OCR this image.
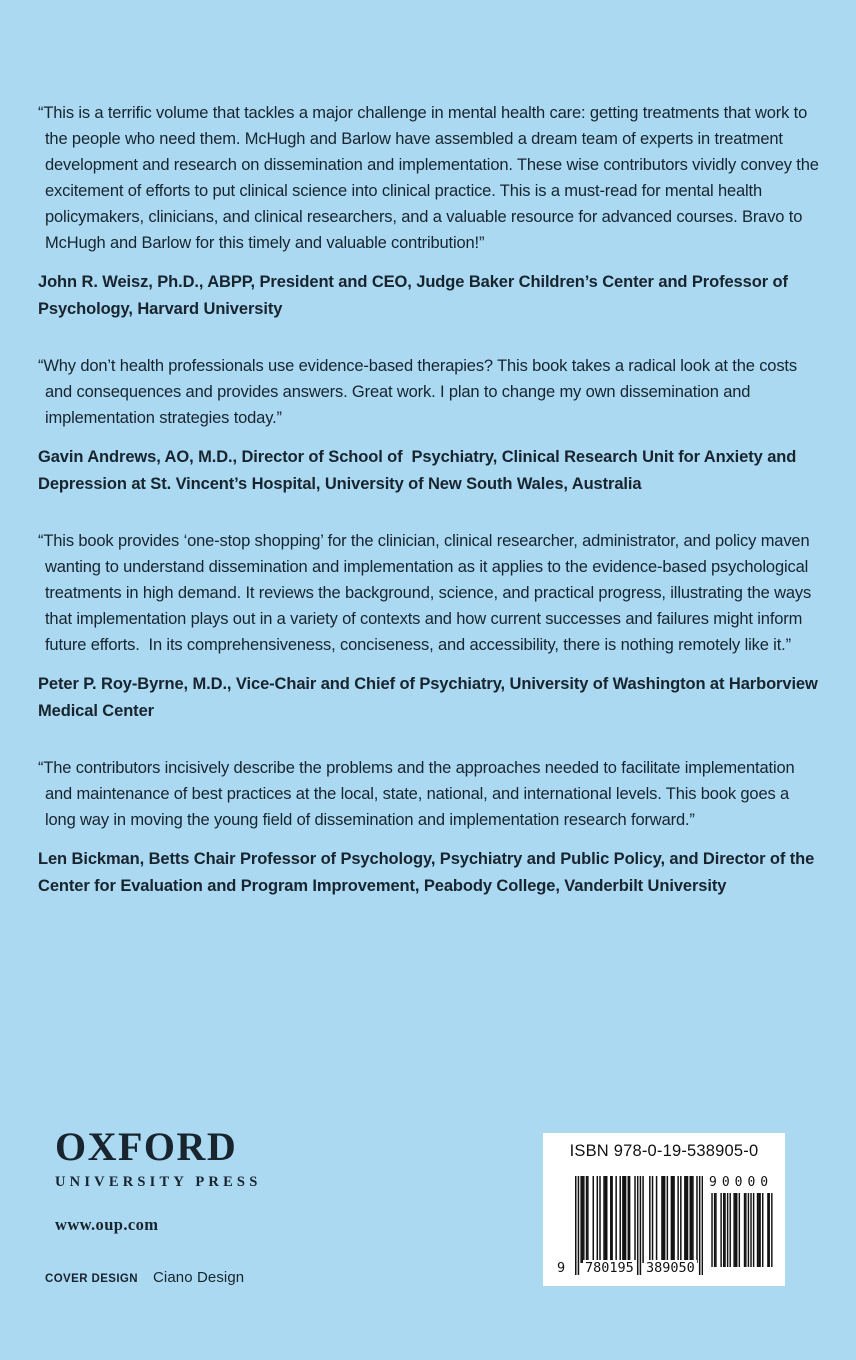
“This is a terrific volume that tackles a major challenge in mental health care: getting treatments that work to the people who need them. McHugh and Barlow have assembled a dream team of experts in treatment development and research on dissemination and implementation. These wise contributors vividly convey the excitement of efforts to put clinical science into clinical practice. This is a must-read for mental health policymakers, clinicians, and clinical researchers, and a valuable resource for advanced courses. Bravo to McHugh and Barlow for this timely and valuable contribution!”

John R. Weisz, Ph.D., ABPP, President and CEO, Judge Baker Children’s Center and Professor of Psychology, Harvard University

“Why don’t health professionals use evidence-based therapies? This book takes a radical look at the costs and consequences and provides answers. Great work. I plan to change my own dissemination and implementation strategies today.”

Gavin Andrews, AO, M.D., Director of School of  Psychiatry, Clinical Research Unit for Anxiety and Depression at St. Vincent’s Hospital, University of New South Wales, Australia

“This book provides ‘one-stop shopping’ for the clinician, clinical researcher, administrator, and policy maven wanting to understand dissemination and implementation as it applies to the evidence-based psychological treatments in high demand. It reviews the background, science, and practical progress, illustrating the ways that implementation plays out in a variety of contexts and how current successes and failures might inform future efforts.  In its comprehensiveness, conciseness, and accessibility, there is nothing remotely like it.”

Peter P. Roy-Byrne, M.D., Vice-Chair and Chief of Psychiatry, University of Washington at Harborview Medical Center

“The contributors incisively describe the problems and the approaches needed to facilitate implementation and maintenance of best practices at the local, state, national, and international levels. This book goes a long way in moving the young field of dissemination and implementation research forward.”

Len Bickman, Betts Chair Professor of Psychology, Psychiatry and Public Policy, and Director of the Center for Evaluation and Program Improvement, Peabody College, Vanderbilt University

OXFORD
UNIVERSITY PRESS
www.oup.com
COVER DESIGN Ciano Design
ISBN 978-0-19-538905-0
90000
9 780195 389050
